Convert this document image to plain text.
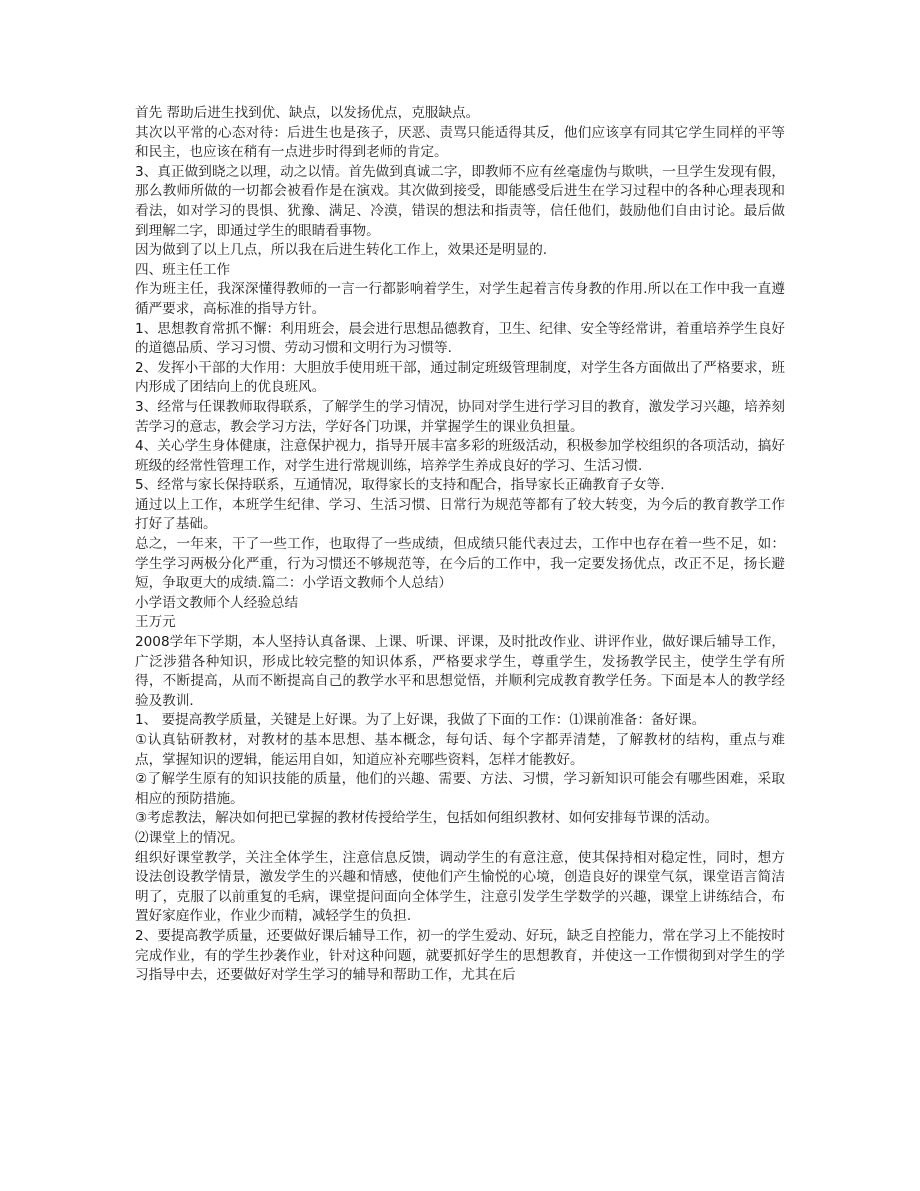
首先 帮助后进生找到优、缺点，以发扬优点，克服缺点。

其次以平常的心态对待：后进生也是孩子，厌恶、责骂只能适得其反，他们应该享有同其它学生同样的平等和民主，也应该在稍有一点进步时得到老师的肯定。

3、真正做到晓之以理，动之以情。首先做到真诚二字，即教师不应有丝毫虚伪与欺哄，一旦学生发现有假，那么教师所做的一切都会被看作是在演戏。其次做到接受，即能感受后进生在学习过程中的各种心理表现和看法，如对学习的畏惧、犹豫、满足、冷漠，错误的想法和指责等，信任他们，鼓励他们自由讨论。最后做到理解二字，即通过学生的眼睛看事物。

因为做到了以上几点，所以我在后进生转化工作上，效果还是明显的.

四、班主任工作

作为班主任，我深深懂得教师的一言一行都影响着学生，对学生起着言传身教的作用.所以在工作中我一直遵循严要求，高标准的指导方针。

1、思想教育常抓不懈：利用班会，晨会进行思想品德教育，卫生、纪律、安全等经常讲，着重培养学生良好的道德品质、学习习惯、劳动习惯和文明行为习惯等.

2、发挥小干部的大作用：大胆放手使用班干部，通过制定班级管理制度，对学生各方面做出了严格要求，班内形成了团结向上的优良班风。

3、经常与任课教师取得联系，了解学生的学习情况，协同对学生进行学习目的教育，激发学习兴趣，培养刻苦学习的意志，教会学习方法，学好各门功课，并掌握学生的课业负担量。

4、关心学生身体健康，注意保护视力，指导开展丰富多彩的班级活动，积极参加学校组织的各项活动，搞好班级的经常性管理工作，对学生进行常规训练，培养学生养成良好的学习、生活习惯.

5、经常与家长保持联系，互通情况，取得家长的支持和配合，指导家长正确教育子女等.

通过以上工作，本班学生纪律、学习、生活习惯、日常行为规范等都有了较大转变，为今后的教育教学工作打好了基础。

总之，一年来，干了一些工作，也取得了一些成绩，但成绩只能代表过去，工作中也存在着一些不足，如：学生学习两极分化严重，行为习惯还不够规范等，在今后的工作中，我一定要发扬优点，改正不足，扬长避短，争取更大的成绩.篇二：小学语文教师个人总结）

小学语文教师个人经验总结

王万元

2008学年下学期，本人坚持认真备课、上课、听课、评课，及时批改作业、讲评作业，做好课后辅导工作，广泛涉猎各种知识，形成比较完整的知识体系，严格要求学生，尊重学生，发扬教学民主，使学生学有所得，不断提高，从而不断提高自己的教学水平和思想觉悟，并顺利完成教育教学任务。下面是本人的教学经验及教训.

1、 要提高教学质量，关键是上好课。为了上好课，我做了下面的工作：⑴课前准备：备好课。

①认真钻研教材，对教材的基本思想、基本概念，每句话、每个字都弄清楚，了解教材的结构，重点与难点，掌握知识的逻辑，能运用自如，知道应补充哪些资料，怎样才能教好。

②了解学生原有的知识技能的质量，他们的兴趣、需要、方法、习惯，学习新知识可能会有哪些困难，采取相应的预防措施。

③考虑教法，解决如何把已掌握的教材传授给学生，包括如何组织教材、如何安排每节课的活动。

⑵课堂上的情况。

组织好课堂教学，关注全体学生，注意信息反馈，调动学生的有意注意，使其保持相对稳定性，同时，想方设法创设教学情景，激发学生的兴趣和情感，使他们产生愉悦的心境，创造良好的课堂气氛，课堂语言简洁明了，克服了以前重复的毛病，课堂提问面向全体学生，注意引发学生学数学的兴趣，课堂上讲练结合，布置好家庭作业，作业少而精，减轻学生的负担.

2、要提高教学质量，还要做好课后辅导工作，初一的学生爱动、好玩，缺乏自控能力，常在学习上不能按时完成作业，有的学生抄袭作业，针对这种问题，就要抓好学生的思想教育，并使这一工作惯彻到对学生的学习指导中去，还要做好对学生学习的辅导和帮助工作，尤其在后
